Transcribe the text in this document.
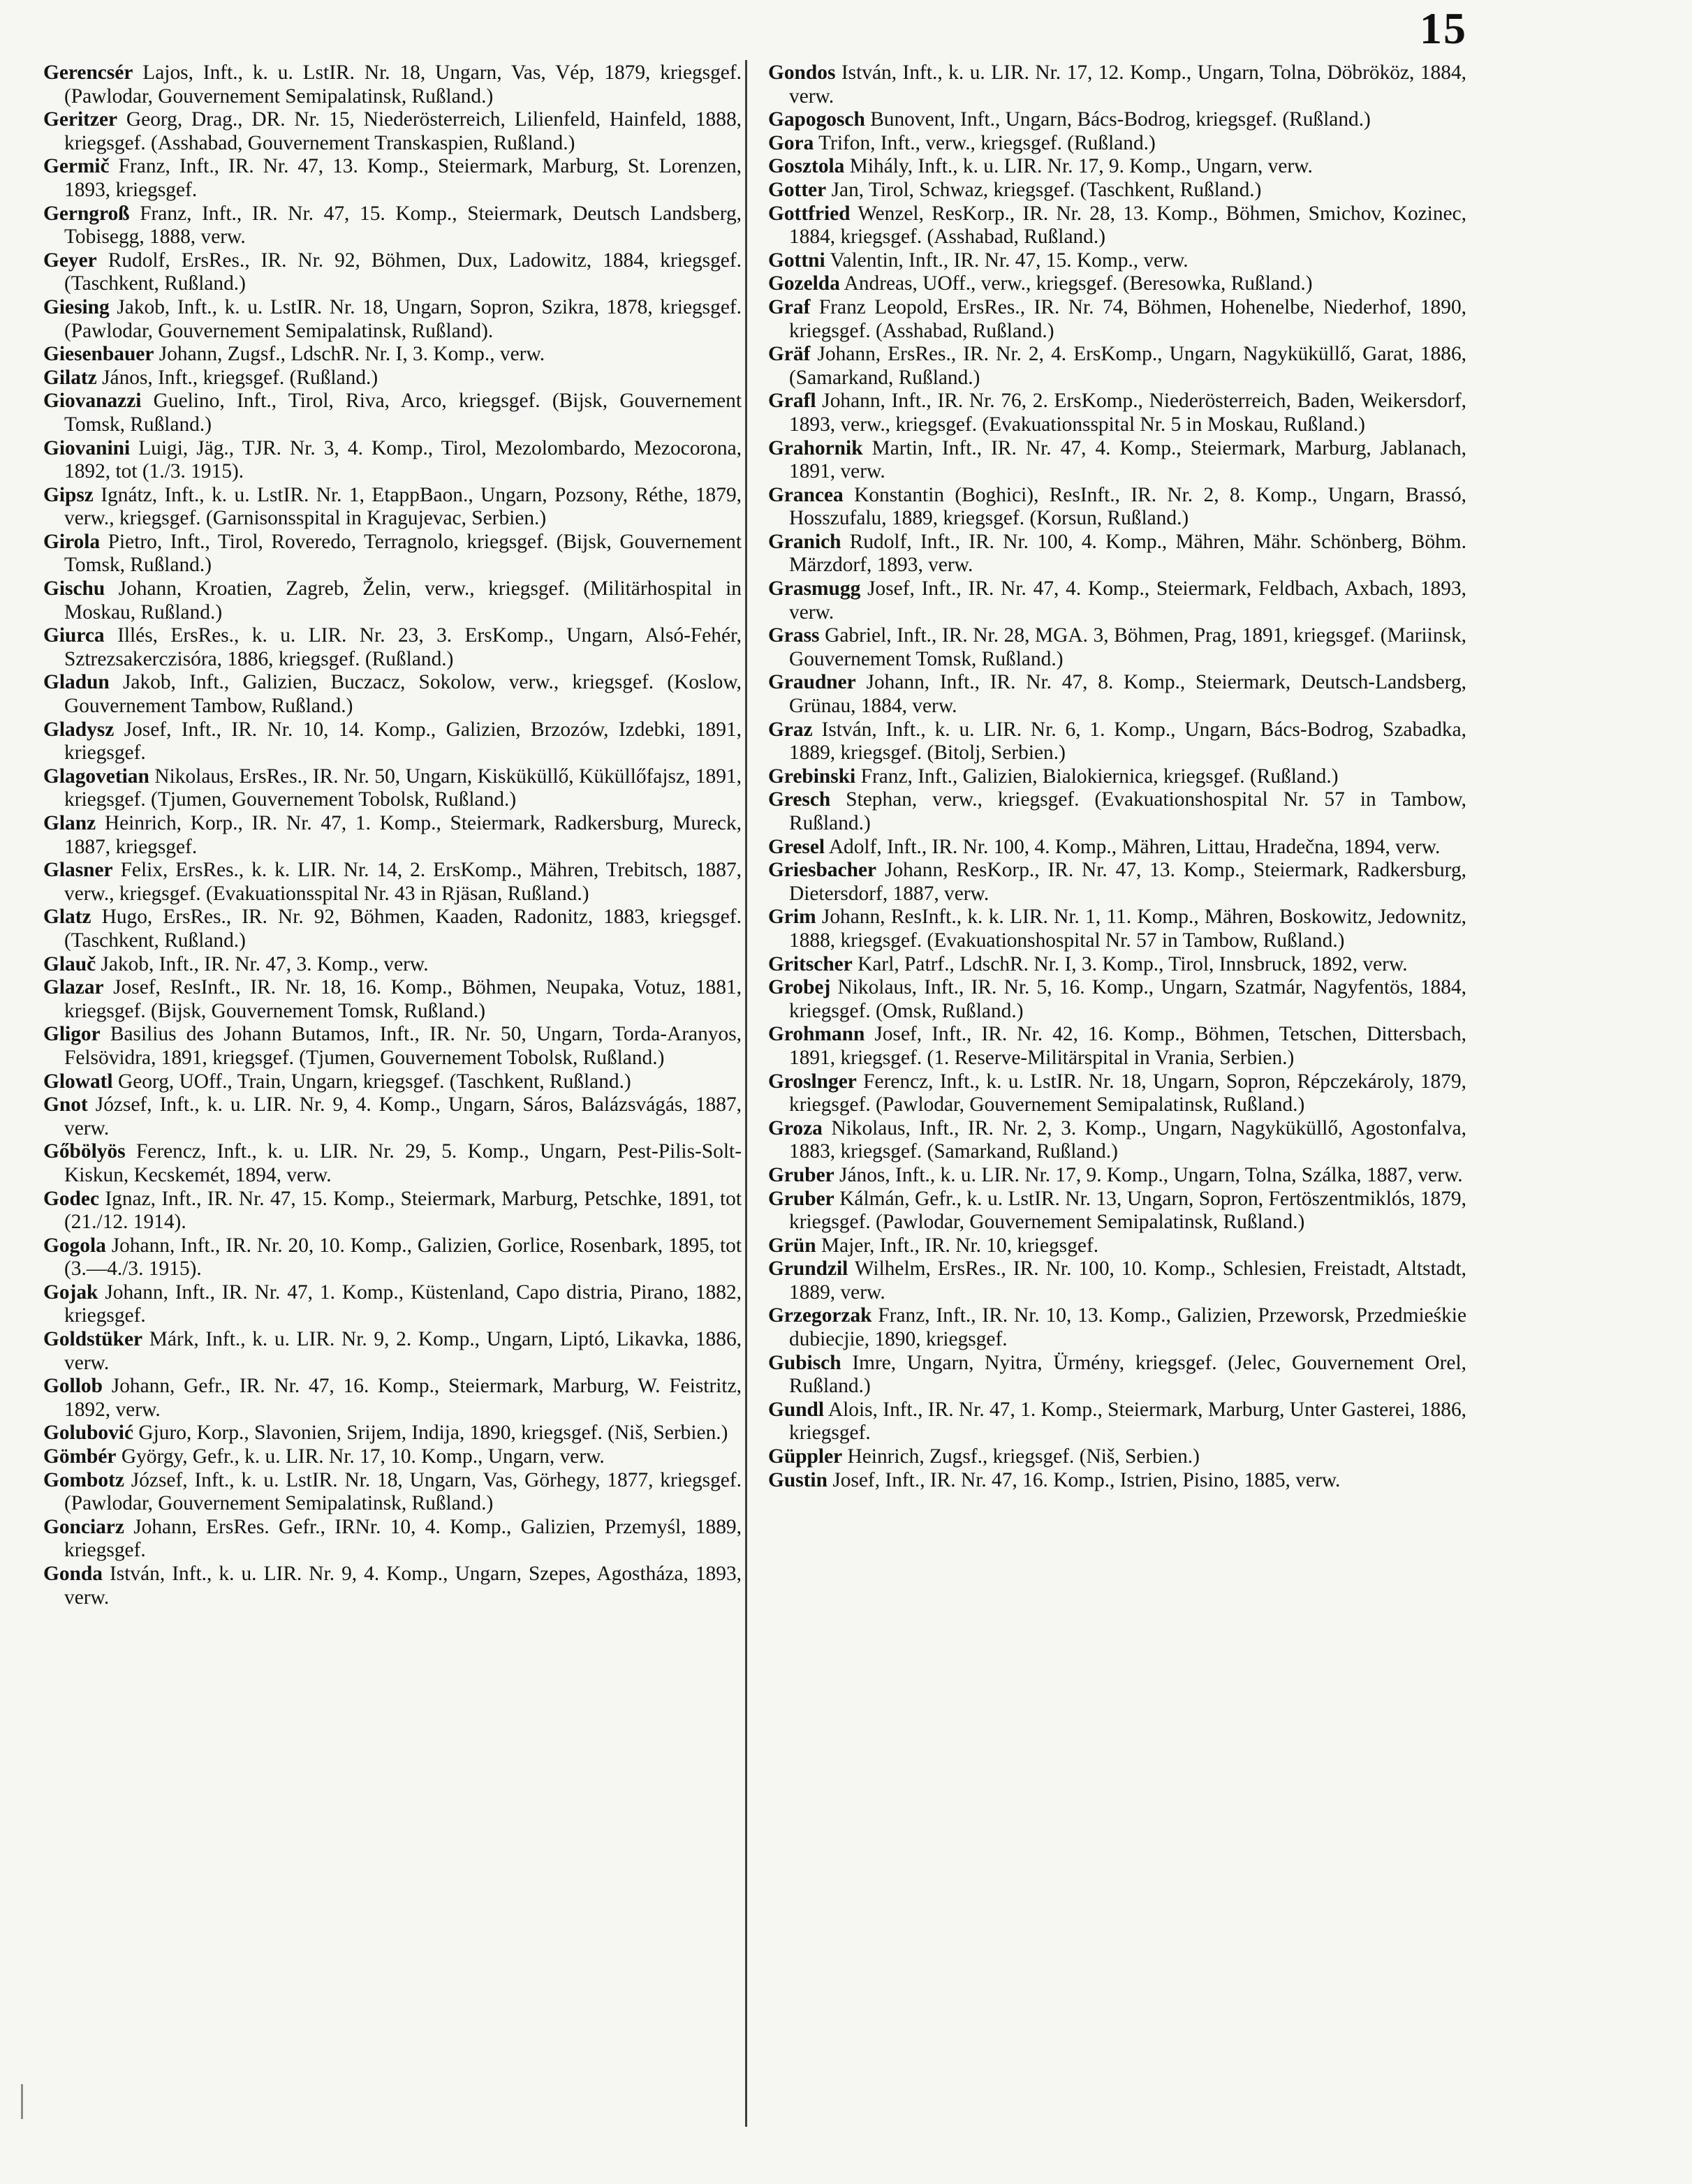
15

Gerencsér Lajos, Inft., k. u. LstIR. Nr. 18, Ungarn, Vas, Vép, 1879, kriegsgef. (Pawlodar, Gouvernement Semipalatinsk, Rußland.)

Geritzer Georg, Drag., DR. Nr. 15, Niederösterreich, Lilienfeld, Hainfeld, 1888, kriegsgef. (Asshabad, Gouvernement Transkaspien, Rußland.)

Germič Franz, Inft., IR. Nr. 47, 13. Komp., Steiermark, Marburg, St. Lorenzen, 1893, kriegsgef.

Gerngroß Franz, Inft., IR. Nr. 47, 15. Komp., Steiermark, Deutsch Landsberg, Tobisegg, 1888, verw.

Geyer Rudolf, ErsRes., IR. Nr. 92, Böhmen, Dux, Ladowitz, 1884, kriegsgef. (Taschkent, Rußland.)

Giesing Jakob, Inft., k. u. LstIR. Nr. 18, Ungarn, Sopron, Szikra, 1878, kriegsgef. (Pawlodar, Gouvernement Semipalatinsk, Rußland).

Giesenbauer Johann, Zugsf., LdschR. Nr. I, 3. Komp., verw.

Gilatz János, Inft., kriegsgef. (Rußland.)

Giovanazzi Guelino, Inft., Tirol, Riva, Arco, kriegsgef. (Bijsk, Gouvernement Tomsk, Rußland.)

Giovanini Luigi, Jäg., TJR. Nr. 3, 4. Komp., Tirol, Mezolombardo, Mezocorona, 1892, tot (1./3. 1915).

Gipsz Ignátz, Inft., k. u. LstIR. Nr. 1, EtappBaon., Ungarn, Pozsony, Réthe, 1879, verw., kriegsgef. (Garnisonsspital in Kragujevac, Serbien.)

Girola Pietro, Inft., Tirol, Roveredo, Terragnolo, kriegsgef. (Bijsk, Gouvernement Tomsk, Rußland.)

Gischu Johann, Kroatien, Zagreb, Želin, verw., kriegsgef. (Militärhospital in Moskau, Rußland.)

Giurca Illés, ErsRes., k. u. LIR. Nr. 23, 3. ErsKomp., Ungarn, Alsó-Fehér, Sztrezsakerczisóra, 1886, kriegsgef. (Rußland.)

Gladun Jakob, Inft., Galizien, Buczacz, Sokolow, verw., kriegsgef. (Koslow, Gouvernement Tambow, Rußland.)

Gladysz Josef, Inft., IR. Nr. 10, 14. Komp., Galizien, Brzozów, Izdebki, 1891, kriegsgef.

Glagovetian Nikolaus, ErsRes., IR. Nr. 50, Ungarn, Kisküküllő, Küküllőfajsz, 1891, kriegsgef. (Tjumen, Gouvernement Tobolsk, Rußland.)

Glanz Heinrich, Korp., IR. Nr. 47, 1. Komp., Steiermark, Radkersburg, Mureck, 1887, kriegsgef.

Glasner Felix, ErsRes., k. k. LIR. Nr. 14, 2. ErsKomp., Mähren, Trebitsch, 1887, verw., kriegsgef. (Evakuationsspital Nr. 43 in Rjäsan, Rußland.)

Glatz Hugo, ErsRes., IR. Nr. 92, Böhmen, Kaaden, Radonitz, 1883, kriegsgef. (Taschkent, Rußland.)

Glauč Jakob, Inft., IR. Nr. 47, 3. Komp., verw.

Glazar Josef, ResInft., IR. Nr. 18, 16. Komp., Böhmen, Neupaka, Votuz, 1881, kriegsgef. (Bijsk, Gouvernement Tomsk, Rußland.)

Gligor Basilius des Johann Butamos, Inft., IR. Nr. 50, Ungarn, Torda-Aranyos, Felsövidra, 1891, kriegsgef. (Tjumen, Gouvernement Tobolsk, Rußland.)

Glowatl Georg, UOff., Train, Ungarn, kriegsgef. (Taschkent, Rußland.)

Gnot József, Inft., k. u. LIR. Nr. 9, 4. Komp., Ungarn, Sáros, Balázsvágás, 1887, verw.

Gőbölyös Ferencz, Inft., k. u. LIR. Nr. 29, 5. Komp., Ungarn, Pest-Pilis-Solt-Kiskun, Kecskemét, 1894, verw.

Godec Ignaz, Inft., IR. Nr. 47, 15. Komp., Steiermark, Marburg, Petschke, 1891, tot (21./12. 1914).

Gogola Johann, Inft., IR. Nr. 20, 10. Komp., Galizien, Gorlice, Rosenbark, 1895, tot (3.—4./3. 1915).

Gojak Johann, Inft., IR. Nr. 47, 1. Komp., Küstenland, Capo distria, Pirano, 1882, kriegsgef.

Goldstüker Márk, Inft., k. u. LIR. Nr. 9, 2. Komp., Ungarn, Liptó, Likavka, 1886, verw.

Gollob Johann, Gefr., IR. Nr. 47, 16. Komp., Steiermark, Marburg, W. Feistritz, 1892, verw.

Golubović Gjuro, Korp., Slavonien, Srijem, Indija, 1890, kriegsgef. (Niš, Serbien.)

Gömbér György, Gefr., k. u. LIR. Nr. 17, 10. Komp., Ungarn, verw.

Gombotz József, Inft., k. u. LstIR. Nr. 18, Ungarn, Vas, Görhegy, 1877, kriegsgef. (Pawlodar, Gouvernement Semipalatinsk, Rußland.)

Gonciarz Johann, ErsRes. Gefr., IRNr. 10, 4. Komp., Galizien, Przemyśl, 1889, kriegsgef.

Gonda István, Inft., k. u. LIR. Nr. 9, 4. Komp., Ungarn, Szepes, Agostháza, 1893, verw.

Gondos István, Inft., k. u. LIR. Nr. 17, 12. Komp., Ungarn, Tolna, Döbrököz, 1884, verw.

Gapogosch Bunovent, Inft., Ungarn, Bács-Bodrog, kriegsgef. (Rußland.)

Gora Trifon, Inft., verw., kriegsgef. (Rußland.)

Gosztola Mihály, Inft., k. u. LIR. Nr. 17, 9. Komp., Ungarn, verw.

Gotter Jan, Tirol, Schwaz, kriegsgef. (Taschkent, Rußland.)

Gottfried Wenzel, ResKorp., IR. Nr. 28, 13. Komp., Böhmen, Smichov, Kozinec, 1884, kriegsgef. (Asshabad, Rußland.)

Gottni Valentin, Inft., IR. Nr. 47, 15. Komp., verw.

Gozelda Andreas, UOff., verw., kriegsgef. (Beresowka, Rußland.)

Graf Franz Leopold, ErsRes., IR. Nr. 74, Böhmen, Hohenelbe, Niederhof, 1890, kriegsgef. (Asshabad, Rußland.)

Gräf Johann, ErsRes., IR. Nr. 2, 4. ErsKomp., Ungarn, Nagyküküllő, Garat, 1886, (Samarkand, Rußland.)

Grafl Johann, Inft., IR. Nr. 76, 2. ErsKomp., Niederösterreich, Baden, Weikersdorf, 1893, verw., kriegsgef. (Evakuationsspital Nr. 5 in Moskau, Rußland.)

Grahornik Martin, Inft., IR. Nr. 47, 4. Komp., Steiermark, Marburg, Jablanach, 1891, verw.

Grancea Konstantin (Boghici), ResInft., IR. Nr. 2, 8. Komp., Ungarn, Brassó, Hosszufalu, 1889, kriegsgef. (Korsun, Rußland.)

Granich Rudolf, Inft., IR. Nr. 100, 4. Komp., Mähren, Mähr. Schönberg, Böhm. Märzdorf, 1893, verw.

Grasmugg Josef, Inft., IR. Nr. 47, 4. Komp., Steiermark, Feldbach, Axbach, 1893, verw.

Grass Gabriel, Inft., IR. Nr. 28, MGA. 3, Böhmen, Prag, 1891, kriegsgef. (Mariinsk, Gouvernement Tomsk, Rußland.)

Graudner Johann, Inft., IR. Nr. 47, 8. Komp., Steiermark, Deutsch-Landsberg, Grünau, 1884, verw.

Graz István, Inft., k. u. LIR. Nr. 6, 1. Komp., Ungarn, Bács-Bodrog, Szabadka, 1889, kriegsgef. (Bitolj, Serbien.)

Grebinski Franz, Inft., Galizien, Bialokiernica, kriegsgef. (Rußland.)

Gresch Stephan, verw., kriegsgef. (Evakuationshospital Nr. 57 in Tambow, Rußland.)

Gresel Adolf, Inft., IR. Nr. 100, 4. Komp., Mähren, Littau, Hradečna, 1894, verw.

Griesbacher Johann, ResKorp., IR. Nr. 47, 13. Komp., Steiermark, Radkersburg, Dietersdorf, 1887, verw.

Grim Johann, ResInft., k. k. LIR. Nr. 1, 11. Komp., Mähren, Boskowitz, Jedownitz, 1888, kriegsgef. (Evakuationshospital Nr. 57 in Tambow, Rußland.)

Gritscher Karl, Patrf., LdschR. Nr. I, 3. Komp., Tirol, Innsbruck, 1892, verw.

Grobej Nikolaus, Inft., IR. Nr. 5, 16. Komp., Ungarn, Szatmár, Nagyfentös, 1884, kriegsgef. (Omsk, Rußland.)

Grohmann Josef, Inft., IR. Nr. 42, 16. Komp., Böhmen, Tetschen, Dittersbach, 1891, kriegsgef. (1. Reserve-Militärspital in Vrania, Serbien.)

Groslnger Ferencz, Inft., k. u. LstIR. Nr. 18, Ungarn, Sopron, Répczekároly, 1879, kriegsgef. (Pawlodar, Gouvernement Semipalatinsk, Rußland.)

Groza Nikolaus, Inft., IR. Nr. 2, 3. Komp., Ungarn, Nagyküküllő, Agostonfalva, 1883, kriegsgef. (Samarkand, Rußland.)

Gruber János, Inft., k. u. LIR. Nr. 17, 9. Komp., Ungarn, Tolna, Szálka, 1887, verw.

Gruber Kálmán, Gefr., k. u. LstIR. Nr. 13, Ungarn, Sopron, Fertöszentmiklós, 1879, kriegsgef. (Pawlodar, Gouvernement Semipalatinsk, Rußland.)

Grün Majer, Inft., IR. Nr. 10, kriegsgef.

Grundzil Wilhelm, ErsRes., IR. Nr. 100, 10. Komp., Schlesien, Freistadt, Altstadt, 1889, verw.

Grzegorzak Franz, Inft., IR. Nr. 10, 13. Komp., Galizien, Przeworsk, Przedmieśkie dubiecjie, 1890, kriegsgef.

Gubisch Imre, Ungarn, Nyitra, Ürmény, kriegsgef. (Jelec, Gouvernement Orel, Rußland.)

Gundl Alois, Inft., IR. Nr. 47, 1. Komp., Steiermark, Marburg, Unter Gasterei, 1886, kriegsgef.

Güppler Heinrich, Zugsf., kriegsgef. (Niš, Serbien.)

Gustin Josef, Inft., IR. Nr. 47, 16. Komp., Istrien, Pisino, 1885, verw.
